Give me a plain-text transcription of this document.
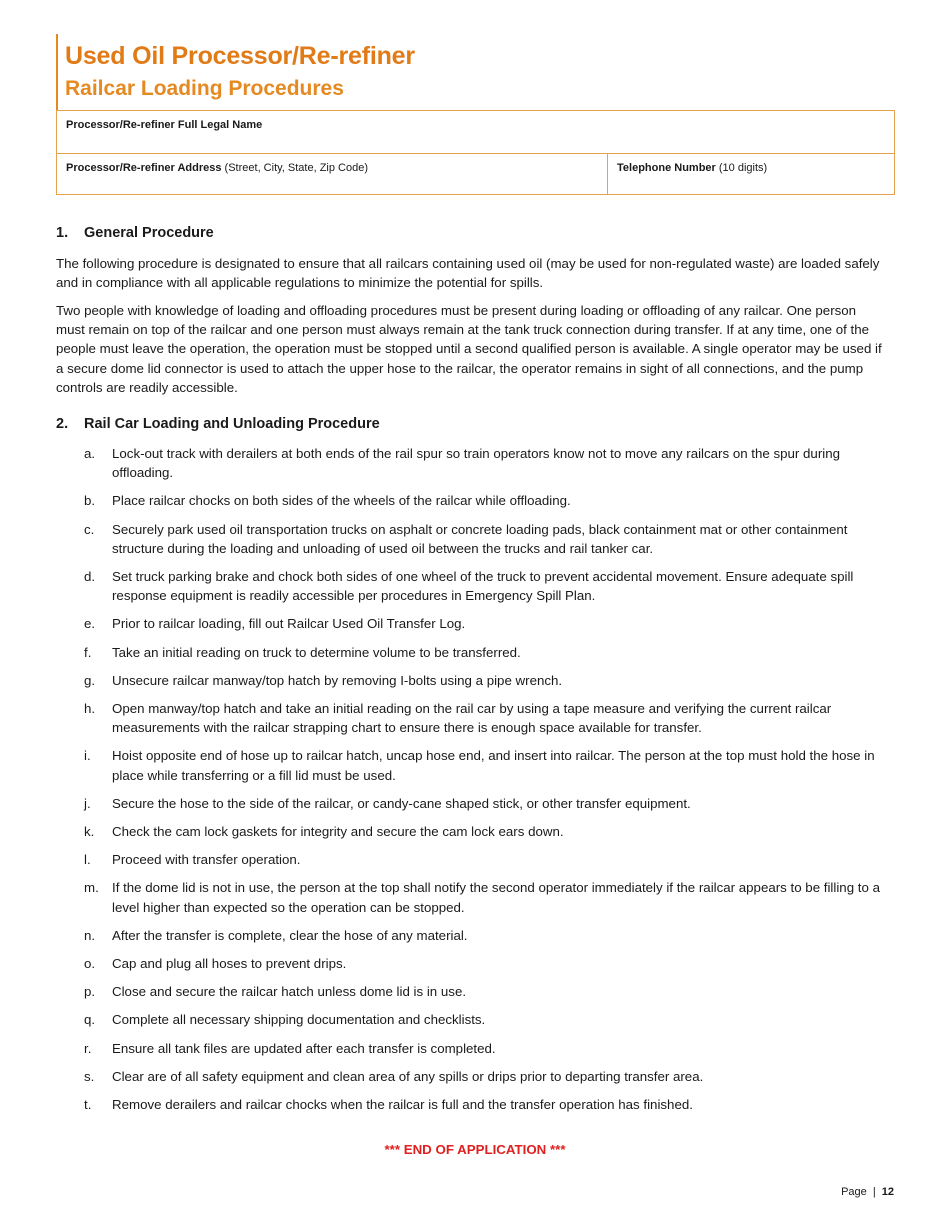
Used Oil Processor/Re-refiner
Railcar Loading Procedures
Processor/Re-refiner Full Legal Name
Processor/Re-refiner Address (Street, City, State, Zip Code)	Telephone Number (10 digits)
1. General Procedure

The following procedure is designated to ensure that all railcars containing used oil (may be used for non-regulated waste) are loaded safely and in compliance with all applicable regulations to minimize the potential for spills.

Two people with knowledge of loading and offloading procedures must be present during loading or offloading of any railcar. One person must remain on top of the railcar and one person must always remain at the tank truck connection during transfer. If at any time, one of the people must leave the operation, the operation must be stopped until a second qualified person is available. A single operator may be used if a secure dome lid connector is used to attach the upper hose to the railcar, the operator remains in sight of all connections, and the pump controls are readily accessible.

2. Rail Car Loading and Unloading Procedure
a. Lock-out track with derailers at both ends of the rail spur so train operators know not to move any railcars on the spur during offloading.
b. Place railcar chocks on both sides of the wheels of the railcar while offloading.
c. Securely park used oil transportation trucks on asphalt or concrete loading pads, black containment mat or other containment structure during the loading and unloading of used oil between the trucks and rail tanker car.
d. Set truck parking brake and chock both sides of one wheel of the truck to prevent accidental movement. Ensure adequate spill response equipment is readily accessible per procedures in Emergency Spill Plan.
e. Prior to railcar loading, fill out Railcar Used Oil Transfer Log.
f. Take an initial reading on truck to determine volume to be transferred.
g. Unsecure railcar manway/top hatch by removing I-bolts using a pipe wrench.
h. Open manway/top hatch and take an initial reading on the rail car by using a tape measure and verifying the current railcar measurements with the railcar strapping chart to ensure there is enough space available for transfer.
i. Hoist opposite end of hose up to railcar hatch, uncap hose end, and insert into railcar. The person at the top must hold the hose in place while transferring or a fill lid must be used.
j. Secure the hose to the side of the railcar, or candy-cane shaped stick, or other transfer equipment.
k. Check the cam lock gaskets for integrity and secure the cam lock ears down.
l. Proceed with transfer operation.
m. If the dome lid is not in use, the person at the top shall notify the second operator immediately if the railcar appears to be filling to a level higher than expected so the operation can be stopped.
n. After the transfer is complete, clear the hose of any material.
o. Cap and plug all hoses to prevent drips.
p. Close and secure the railcar hatch unless dome lid is in use.
q. Complete all necessary shipping documentation and checklists.
r. Ensure all tank files are updated after each transfer is completed.
s. Clear are of all safety equipment and clean area of any spills or drips prior to departing transfer area.
t. Remove derailers and railcar chocks when the railcar is full and the transfer operation has finished.
*** END OF APPLICATION ***
Page | 12
